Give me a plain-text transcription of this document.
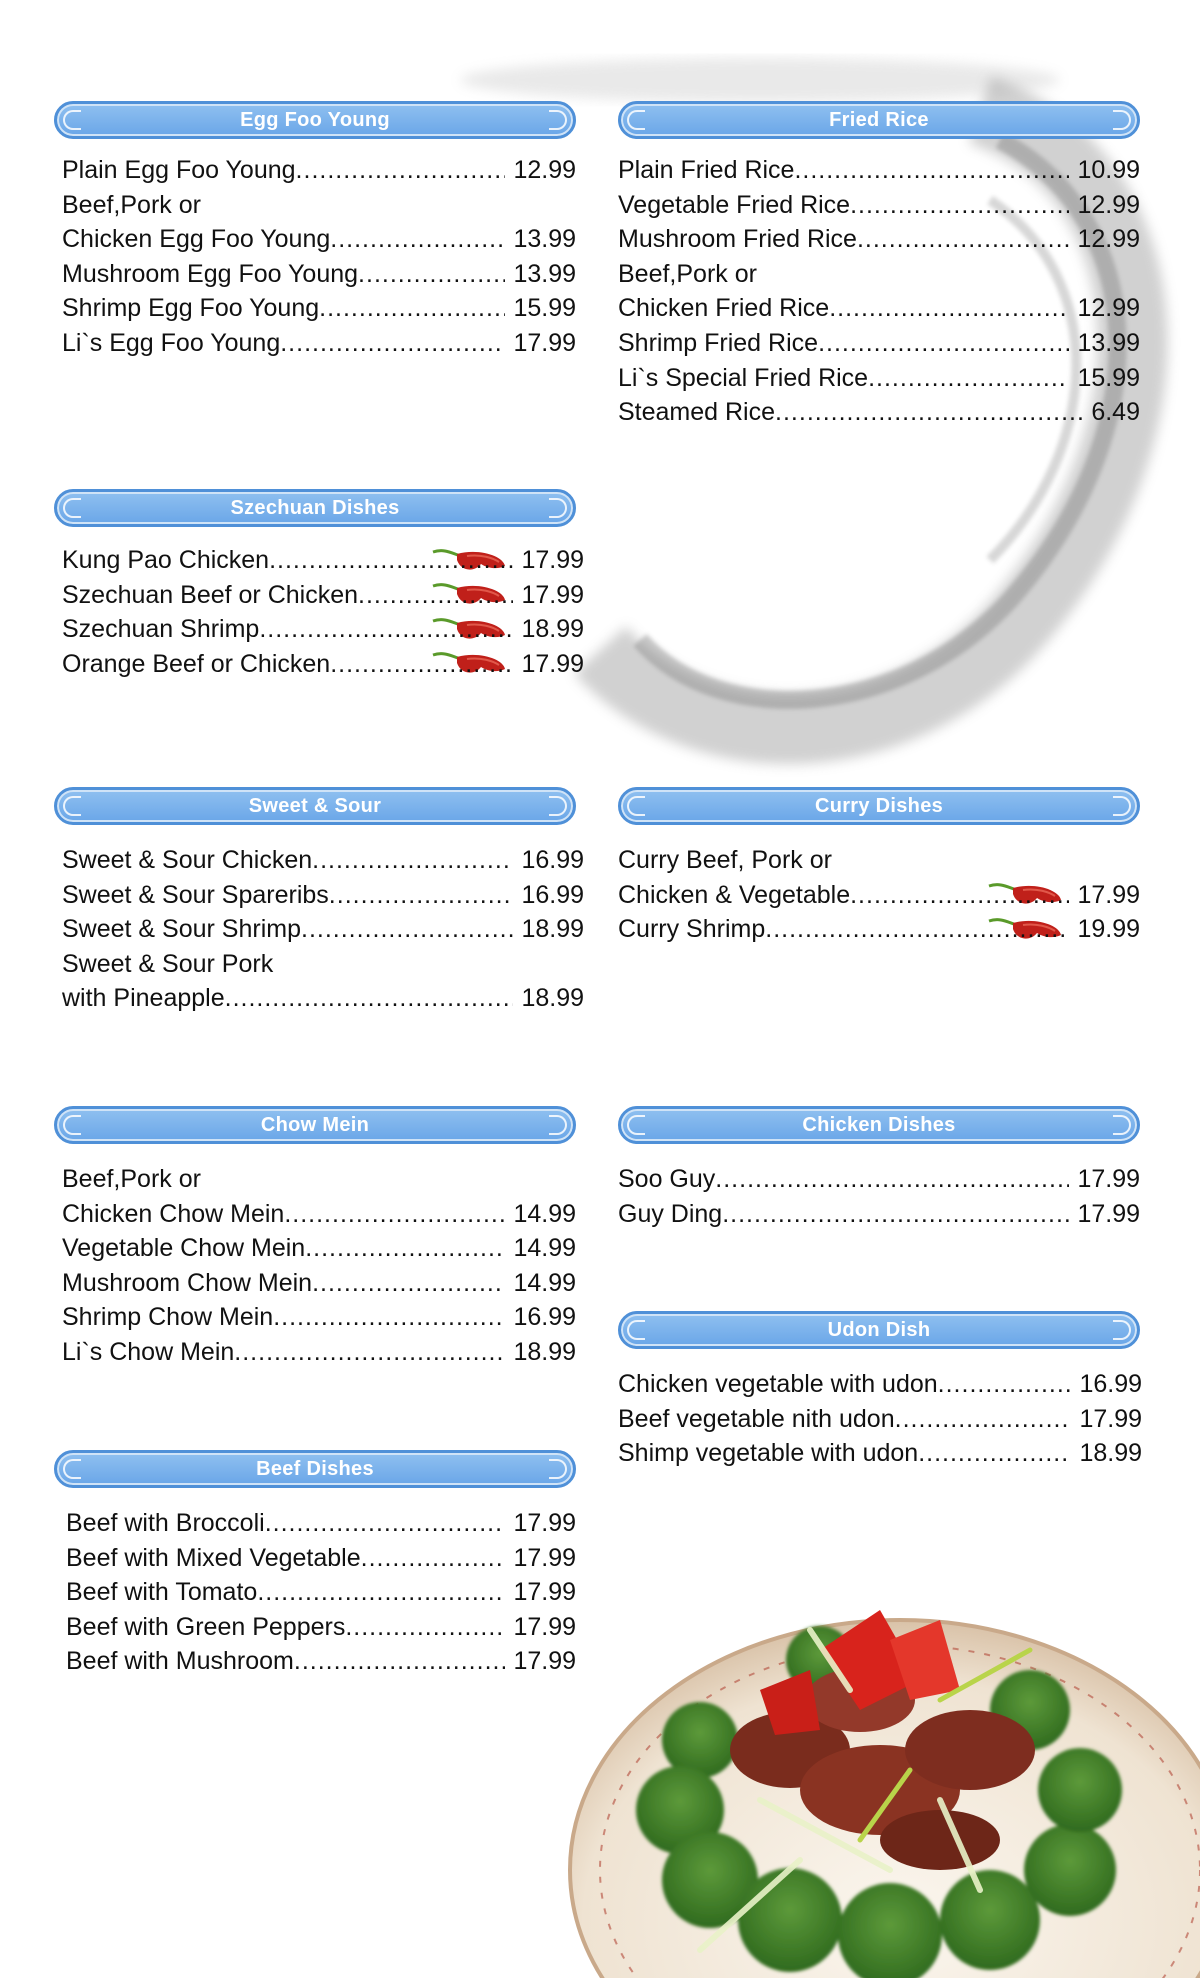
Egg Foo Young
Plain Egg Foo Young .....	12.99
Beef,Pork or
Chicken Egg Foo Young .....	13.99
Mushroom Egg Foo Young .....	13.99
Shrimp Egg Foo Young .....	15.99
Li`s Egg Foo Young .....	17.99
Fried Rice
Plain Fried Rice .....	10.99
Vegetable Fried Rice .....	12.99
Mushroom Fried Rice .....	12.99
Beef,Pork or
Chicken Fried Rice .....	12.99
Shrimp Fried Rice .....	13.99
Li`s Special Fried Rice .....	15.99
Steamed Rice .....	6.49
Szechuan Dishes
Kung Pao Chicken .....	17.99
Szechuan Beef or Chicken .....	17.99
Szechuan Shrimp .....	18.99
Orange Beef or Chicken .....	17.99
Sweet & Sour
Sweet & Sour Chicken .....	16.99
Sweet & Sour Spareribs .....	16.99
Sweet & Sour Shrimp .....	18.99
Sweet & Sour Pork
with Pineapple .....	18.99
Curry Dishes
Curry Beef, Pork or
Chicken & Vegetable .....	17.99
Curry Shrimp .....	19.99
Chow Mein
Beef,Pork or
Chicken Chow Mein .....	14.99
Vegetable Chow Mein .....	14.99
Mushroom Chow Mein .....	14.99
Shrimp Chow Mein .....	16.99
Li`s Chow Mein .....	18.99
Chicken Dishes
Soo Guy .....	17.99
Guy Ding .....	17.99
Udon Dish
Chicken vegetable with udon .....	16.99
Beef vegetable nith udon .....	17.99
Shimp vegetable with udon .....	18.99
Beef Dishes
Beef with Broccoli .....	17.99
Beef with Mixed Vegetable .....	17.99
Beef with Tomato .....	17.99
Beef with Green Peppers .....	17.99
Beef with Mushroom .....	17.99
